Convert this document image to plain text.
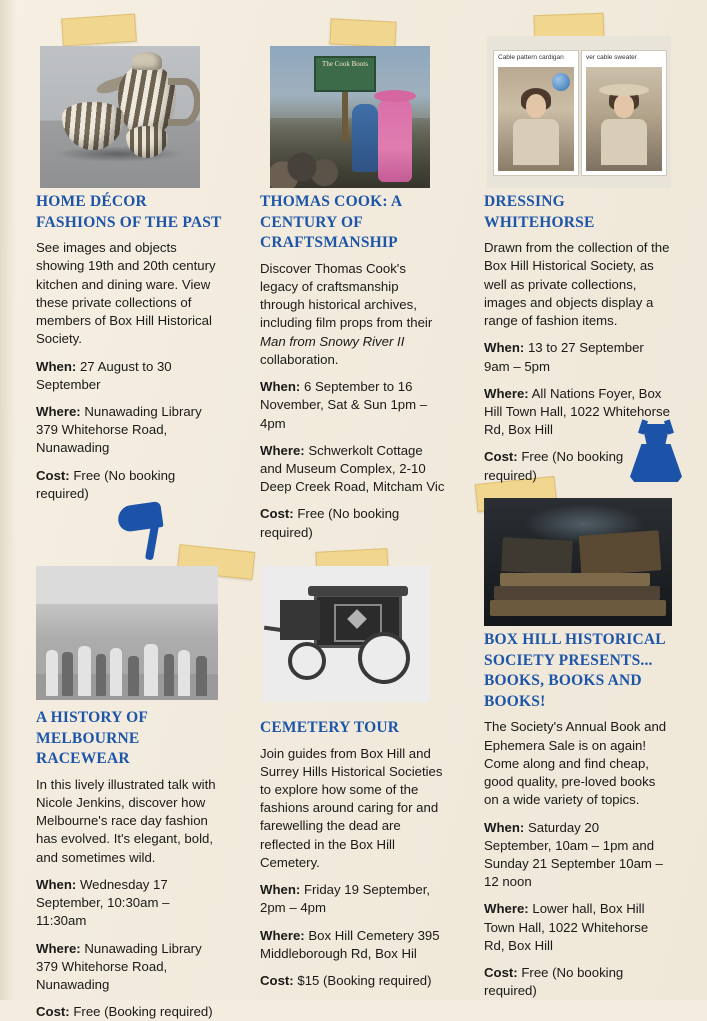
The Cook Boots
Cable pattern cardigan	ver cable sweater
HOME DÉCOR FASHIONS OF THE PAST

See images and objects showing 19th and 20th century kitchen and dining ware. View these private collections of members of Box Hill Historical Society.

When: 27 August to 30 September

Where: Nunawading Library 379 Whitehorse Road, Nunawading

Cost: Free (No booking required)

THOMAS COOK: A CENTURY OF CRAFTSMANSHIP

Discover Thomas Cook's legacy of craftsmanship through historical archives, including film props from their Man from Snowy River II collaboration.

When: 6 September to 16 November, Sat & Sun 1pm – 4pm

Where: Schwerkolt Cottage and Museum Complex, 2-10 Deep Creek Road, Mitcham Vic

Cost: Free (No booking required)

DRESSING WHITEHORSE

Drawn from the collection of the Box Hill Historical Society, as well as private collections, images and objects display a range of fashion items.

When: 13 to 27 September 9am – 5pm

Where: All Nations Foyer, Box Hill Town Hall, 1022 Whitehorse Rd, Box Hill

Cost: Free (No booking required)

A HISTORY OF MELBOURNE RACEWEAR

In this lively illustrated talk with Nicole Jenkins, discover how Melbourne's race day fashion has evolved. It's elegant, bold, and sometimes wild.

When: Wednesday 17 September, 10:30am – 11:30am

Where: Nunawading Library 379 Whitehorse Road, Nunawading

Cost: Free (Booking required)

CEMETERY TOUR

Join guides from Box Hill and Surrey Hills Historical Societies to explore how some of the fashions around caring for and farewelling the dead are reflected in the Box Hill Cemetery.

When: Friday 19 September, 2pm – 4pm

Where: Box Hill Cemetery 395 Middleborough Rd, Box Hil

Cost: $15 (Booking required)

BOX HILL HISTORICAL SOCIETY PRESENTS... BOOKS, BOOKS AND BOOKS!

The Society's Annual Book and Ephemera Sale is on again! Come along and find cheap, good quality, pre-loved books on a wide variety of topics.

When: Saturday 20 September, 10am – 1pm and Sunday 21 September 10am – 12 noon

Where: Lower hall, Box Hill Town Hall, 1022 Whitehorse Rd, Box Hill

Cost: Free (No booking required)
